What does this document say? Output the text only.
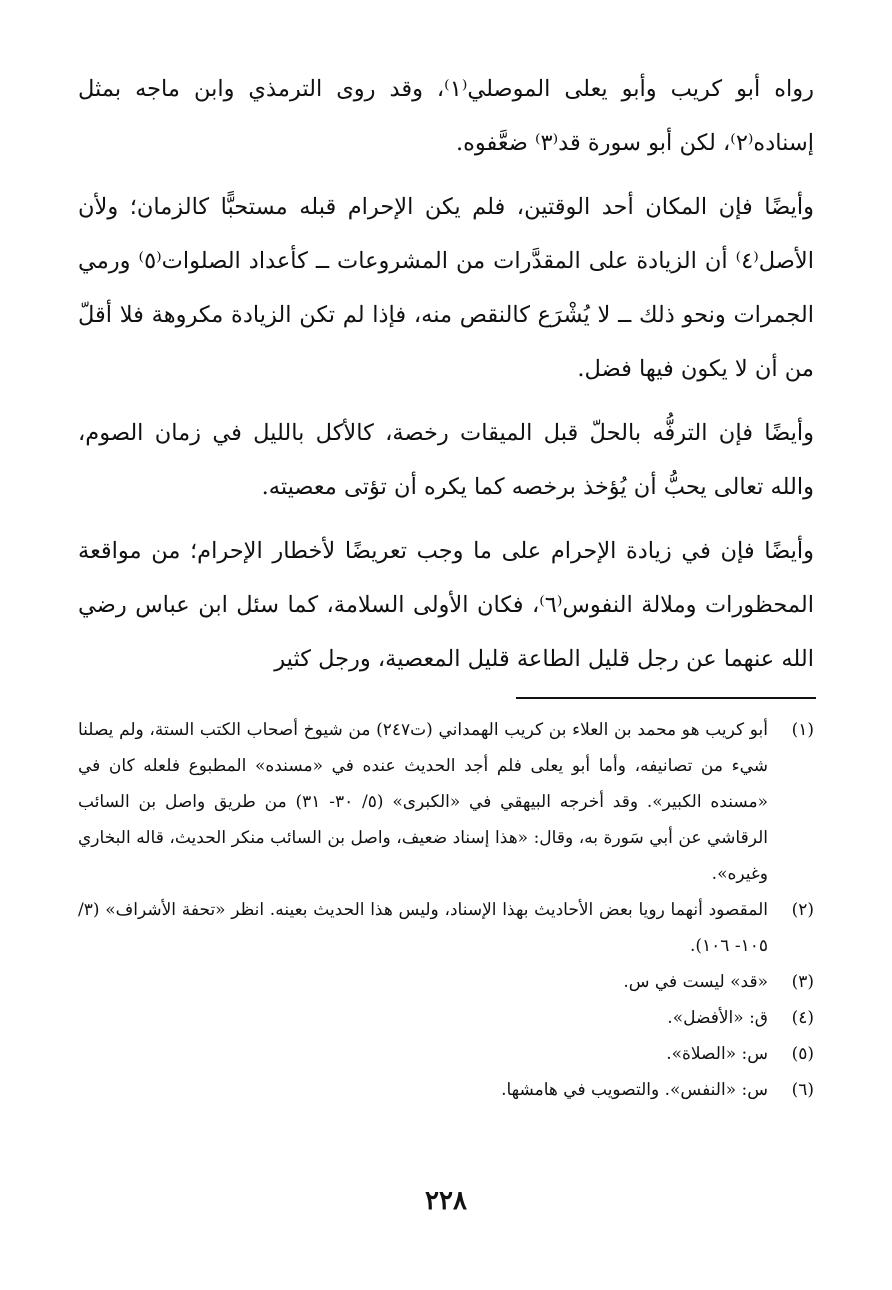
رواه أبو كريب وأبو يعلى الموصلي⁽١⁾، وقد روى الترمذي وابن ماجه بمثل إسناده⁽٢⁾، لكن أبو سورة قد⁽٣⁾ ضعَّفوه.

وأيضًا فإن المكان أحد الوقتين، فلم يكن الإحرام قبله مستحبًّا كالزمان؛ ولأن الأصل⁽٤⁾ أن الزيادة على المقدَّرات من المشروعات ــ كأعداد الصلوات⁽٥⁾ ورمي الجمرات ونحو ذلك ــ لا يُشْرَع كالنقص منه، فإذا لم تكن الزيادة مكروهة فلا أقلّ من أن لا يكون فيها فضل.

وأيضًا فإن الترفُّه بالحلّ قبل الميقات رخصة، كالأكل بالليل في زمان الصوم، والله تعالى يحبُّ أن يُؤخذ برخصه كما يكره أن تؤتى معصيته.

وأيضًا فإن في زيادة الإحرام على ما وجب تعريضًا لأخطار الإحرام؛ من مواقعة المحظورات وملالة النفوس⁽٦⁾، فكان الأولى السلامة، كما سئل ابن عباس رضي الله عنهما عن رجل قليل الطاعة قليل المعصية، ورجل كثير

(١)
أبو كريب هو محمد بن العلاء بن كريب الهمداني (ت٢٤٧) من شيوخ أصحاب الكتب الستة، ولم يصلنا شيء من تصانيفه، وأما أبو يعلى فلم أجد الحديث عنده في «مسنده» المطبوع فلعله كان في «مسنده الكبير». وقد أخرجه البيهقي في «الكبرى» (٥/ ٣٠- ٣١) من طريق واصل بن السائب الرقاشي عن أبي سَورة به، وقال: «هذا إسناد ضعيف، واصل بن السائب منكر الحديث، قاله البخاري وغيره».
(٢)
المقصود أنهما رويا بعض الأحاديث بهذا الإسناد، وليس هذا الحديث بعينه. انظر «تحفة الأشراف» (٣/ ١٠٥- ١٠٦).
(٣)
«قد» ليست في س.
(٤)
ق: «الأفضل».
(٥)
س: «الصلاة».
(٦)
س: «النفس». والتصويب في هامشها.
٢٢٨
